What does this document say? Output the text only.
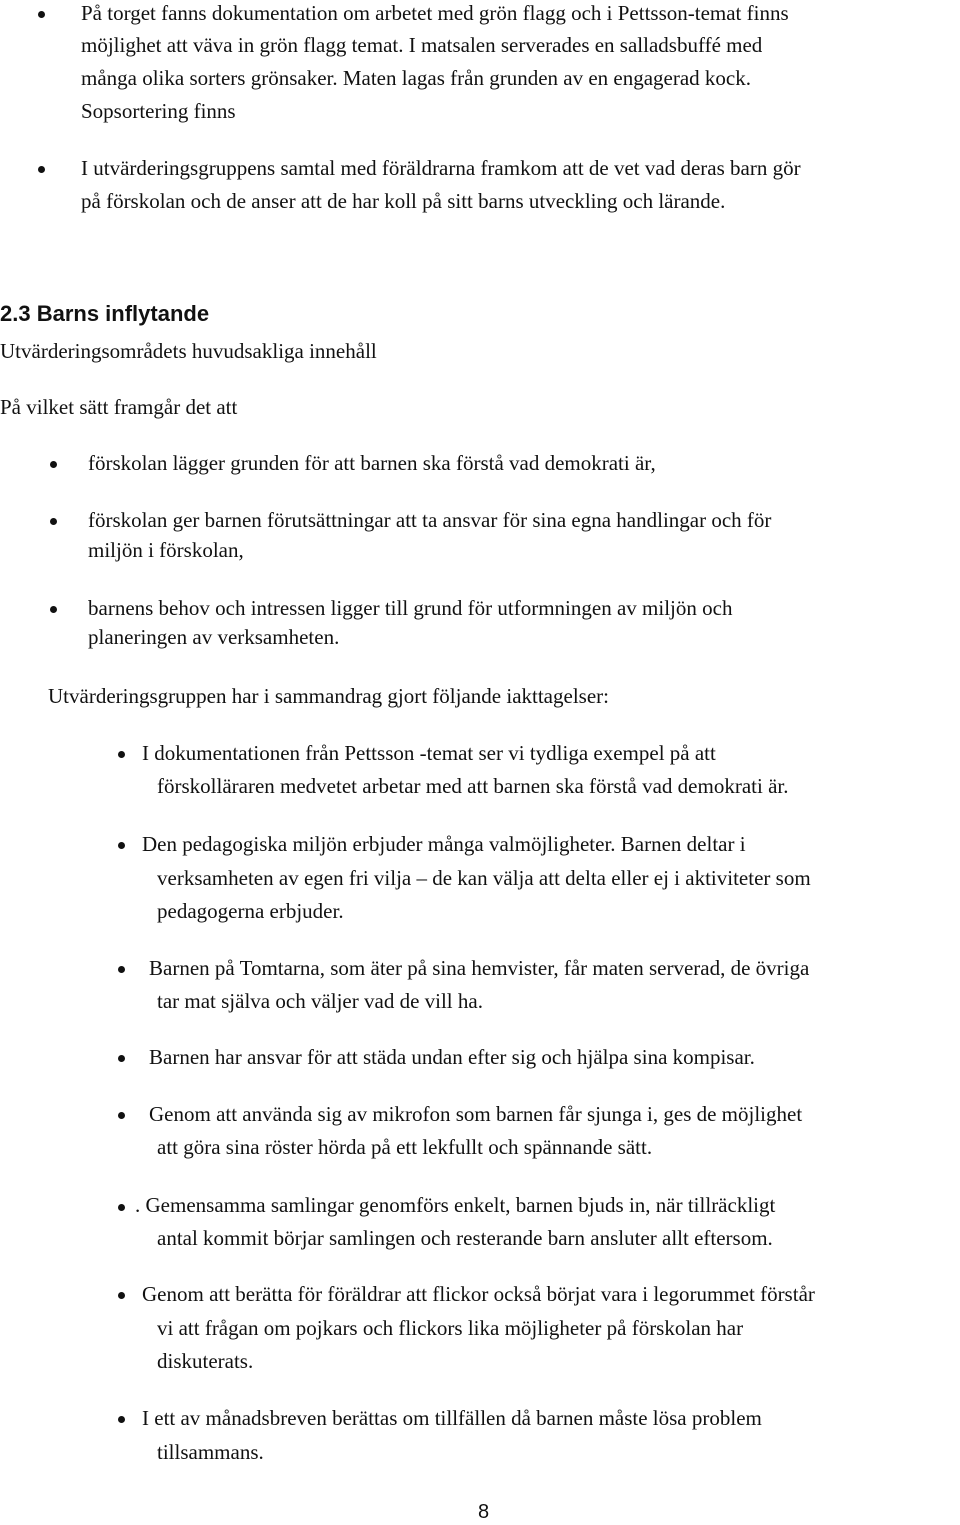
På torget fanns dokumentation om arbetet med grön flagg och i Pettsson-temat finns
möjlighet att väva in grön flagg temat. I matsalen serverades en salladsbuffé med
många olika sorters grönsaker. Maten lagas från grunden av en engagerad kock.
Sopsortering finns
I utvärderingsgruppens samtal med föräldrarna framkom att de vet vad deras barn gör
på förskolan och de anser att de har koll på sitt barns utveckling och lärande.
2.3 Barns inflytande
Utvärderingsområdets huvudsakliga innehåll
På vilket sätt framgår det att
förskolan lägger grunden för att barnen ska förstå vad demokrati är,
förskolan ger barnen förutsättningar att ta ansvar för sina egna handlingar och för
miljön i förskolan,
barnens behov och intressen ligger till grund för utformningen av miljön och
planeringen av verksamheten.
Utvärderingsgruppen har i sammandrag gjort följande iakttagelser:
I dokumentationen från Pettsson -temat ser vi tydliga exempel på att
förskolläraren medvetet arbetar med att barnen ska förstå vad demokrati är.
Den pedagogiska miljön erbjuder många valmöjligheter. Barnen deltar i
verksamheten av egen fri vilja – de kan välja att delta eller ej i aktiviteter som
pedagogerna erbjuder.
Barnen på Tomtarna, som äter på sina hemvister, får maten serverad, de övriga
tar mat själva och väljer vad de vill ha.
Barnen har ansvar för att städa undan efter sig och hjälpa sina kompisar.
Genom att använda sig av mikrofon som barnen får sjunga i, ges de möjlighet
att göra sina röster hörda på ett lekfullt och spännande sätt.
. Gemensamma samlingar genomförs enkelt, barnen bjuds in, när tillräckligt
antal kommit börjar samlingen och resterande barn ansluter allt eftersom.
Genom att berätta för föräldrar att flickor också börjat vara i legorummet förstår
vi att frågan om pojkars och flickors lika möjligheter på förskolan har
diskuterats.
I ett av månadsbreven berättas om tillfällen då barnen måste lösa problem
tillsammans.
8
